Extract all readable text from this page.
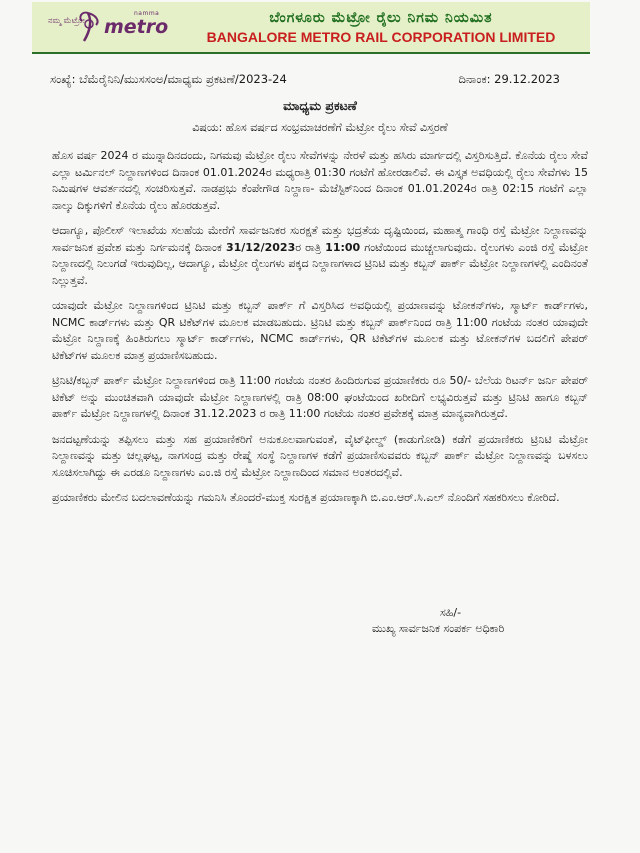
ನಮ್ಮ ಮೆಟ್ರೋ
namma
metro	ಬೆಂಗಳೂರು ಮೆಟ್ರೋ ರೈಲು ನಿಗಮ ನಿಯಮಿತ
BANGALORE METRO RAIL CORPORATION LIMITED
ಸಂಖ್ಯೆ: ಬೆಮೆರೈನಿನಿ/ಮುಸಸಂಅ/ಮಾಧ್ಯಮ ಪ್ರಕಟಣೆ/2023-24	ದಿನಾಂಕ: 29.12.2023
ಮಾಧ್ಯಮ ಪ್ರಕಟಣೆ
ವಿಷಯ: ಹೊಸ ವರ್ಷದ ಸಂಭ್ರಮಾಚರಣೆಗೆ ಮೆಟ್ರೋ ರೈಲು ಸೇವೆ ವಿಸ್ತರಣೆ

ಹೊಸ ವರ್ಷ 2024 ರ ಮುನ್ನಾದಿನದಂದು, ನಿಗಮವು ಮೆಟ್ರೋ ರೈಲು ಸೇವೆಗಳನ್ನು ನೇರಳೆ ಮತ್ತು ಹಸಿರು ಮಾರ್ಗದಲ್ಲಿ ವಿಸ್ತರಿಸುತ್ತಿದೆ. ಕೊನೆಯ ರೈಲು ಸೇವೆ ಎಲ್ಲಾ ಟರ್ಮಿನಲ್ ನಿಲ್ದಾಣಗಳಿಂದ ದಿನಾಂಕ 01.01.2024ರ ಮಧ್ಯರಾತ್ರಿ 01:30 ಗಂಟೆಗೆ ಹೋರಡಾಲಿವೆ. ಈ ವಿಸ್ತೃತ ಅವಧಿಯಲ್ಲಿ ರೈಲು ಸೇವೆಗಳು 15 ನಿಮಿಷಗಳ ಆವರ್ತನದಲ್ಲಿ ಸಂಚರಿಸುತ್ತವೆ. ನಾಡಪ್ರಭು ಕೆಂಪೇಗೌಡ ನಿಲ್ದಾಣ- ಮೆಜೆಸ್ಟಿಕ್‌ನಿಂದ ದಿನಾಂಕ 01.01.2024ರ ರಾತ್ರಿ 02:15 ಗಂಟೆಗೆ ಎಲ್ಲಾ ನಾಲ್ಕು ದಿಕ್ಕುಗಳಿಗೆ ಕೊನೆಯ ರೈಲು ಹೊರಡುತ್ತವೆ.

ಆದಾಗ್ಯೂ, ಪೊಲೀಸ್ ಇಲಾಖೆಯ ಸಲಹೆಯ ಮೇರೆಗೆ ಸಾರ್ವಜನಿಕರ ಸುರಕ್ಷತೆ ಮತ್ತು ಭದ್ರತೆಯ ದೃಷ್ಟಿಯಿಂದ, ಮಹಾತ್ಮ ಗಾಂಧಿ ರಸ್ತೆ ಮೆಟ್ರೋ ನಿಲ್ದಾಣವನ್ನು ಸಾರ್ವಜನಿಕ ಪ್ರವೇಶ ಮತ್ತು ನಿರ್ಗಮನಕ್ಕೆ ದಿನಾಂಕ 31/12/2023ರ ರಾತ್ರಿ 11:00 ಗಂಟೆಯಿಂದ ಮುಚ್ಚಲಾಗುವುದು. ರೈಲುಗಳು ಎಂಜಿ ರಸ್ತೆ ಮೆಟ್ರೋ ನಿಲ್ದಾಣದಲ್ಲಿ ನಿಲುಗಡೆ ಇರುವುದಿಲ್ಲ, ಆದಾಗ್ಯೂ, ಮೆಟ್ರೋ ರೈಲುಗಳು ಪಕ್ಕದ ನಿಲ್ದಾಣಗಳಾದ ಟ್ರಿನಿಟಿ ಮತ್ತು ಕಬ್ಬನ್ ಪಾರ್ಕ್ ಮೆಟ್ರೋ ನಿಲ್ದಾಣಗಳಲ್ಲಿ ಎಂದಿನಂತೆ ನಿಲ್ಲುತ್ತವೆ.

ಯಾವುದೇ ಮೆಟ್ರೋ ನಿಲ್ದಾಣಗಳಿಂದ ಟ್ರಿನಿಟಿ ಮತ್ತು ಕಬ್ಬನ್ ಪಾರ್ಕ್ ಗೆ ವಿಸ್ತರಿಸಿದ ಅವಧಿಯಲ್ಲಿ ಪ್ರಯಾಣವನ್ನು ಟೋಕನ್‌ಗಳು, ಸ್ಮಾರ್ಟ್ ಕಾರ್ಡ್‌ಗಳು, NCMC ಕಾರ್ಡ್‌ಗಳು ಮತ್ತು QR ಟಿಕೆಟ್‌ಗಳ ಮೂಲಕ ಮಾಡಬಹುದು. ಟ್ರಿನಿಟಿ ಮತ್ತು ಕಬ್ಬನ್ ಪಾರ್ಕ್‌ನಿಂದ ರಾತ್ರಿ 11:00 ಗಂಟೆಯ ನಂತರ ಯಾವುದೇ ಮೆಟ್ರೋ ನಿಲ್ದಾಣಕ್ಕೆ ಹಿಂತಿರುಗಲು ಸ್ಮಾರ್ಟ್ ಕಾರ್ಡ್‌ಗಳು, NCMC ಕಾರ್ಡ್‌ಗಳು, QR ಟಿಕೆಟ್‌ಗಳ ಮೂಲಕ ಮತ್ತು ಟೋಕನ್‌ಗಳ ಬದಲಿಗೆ ಪೇಪರ್ ಟಿಕೆಟ್‌ಗಳ ಮೂಲಕ ಮಾತ್ರ ಪ್ರಯಾಣಿಸಬಹುದು.

ಟ್ರಿನಿಟಿ/ಕಬ್ಬನ್ ಪಾರ್ಕ್ ಮೆಟ್ರೋ ನಿಲ್ದಾಣಗಳಿಂದ ರಾತ್ರಿ 11:00 ಗಂಟೆಯ ನಂತರ ಹಿಂದಿರುಗುವ ಪ್ರಯಾಣಿಕರು ರೂ 50/- ಬೆಲೆಯ ರಿಟರ್ನ್ ಜರ್ನಿ ಪೇಪರ್ ಟಿಕೆಟ್ ಅನ್ನು ಮುಂಚಿತವಾಗಿ ಯಾವುದೇ ಮೆಟ್ರೋ ನಿಲ್ದಾಣಗಳಲ್ಲಿ ರಾತ್ರಿ 08:00 ಘಂಟೆಯಿಂದ ಖರೀದಿಗೆ ಲಭ್ಯವಿರುತ್ತವೆ ಮತ್ತು ಟ್ರಿನಿಟಿ ಹಾಗೂ ಕಬ್ಬನ್ ಪಾರ್ಕ್ ಮೆಟ್ರೋ ನಿಲ್ದಾಣಗಳಲ್ಲಿ ದಿನಾಂಕ 31.12.2023 ರ ರಾತ್ರಿ 11:00 ಗಂಟೆಯ ನಂತರ ಪ್ರವೇಶಕ್ಕೆ ಮಾತ್ರ ಮಾನ್ಯವಾಗಿರುತ್ತದೆ.

ಜನದಟ್ಟಣೆಯನ್ನು ತಪ್ಪಿಸಲು ಮತ್ತು ಸಹ ಪ್ರಯಾಣಿಕರಿಗೆ ಅನುಕೂಲವಾಗುವಂತೆ, ವೈಟ್‌ಫೀಲ್ಡ್ (ಕಾಡುಗೋಡಿ) ಕಡೆಗೆ ಪ್ರಯಾಣಿಕರು ಟ್ರಿನಿಟಿ ಮೆಟ್ರೋ ನಿಲ್ದಾಣವನ್ನು ಮತ್ತು ಚಲ್ಲಘಟ್ಟ, ನಾಗಸಂದ್ರ ಮತ್ತು ರೇಷ್ಮೆ ಸಂಸ್ಥೆ ನಿಲ್ದಾಣಗಳ ಕಡೆಗೆ ಪ್ರಯಾಣಿಸುವವರು ಕಬ್ಬನ್ ಪಾರ್ಕ್ ಮೆಟ್ರೋ ನಿಲ್ದಾಣವನ್ನು ಬಳಸಲು ಸೂಚಿಸಲಾಗಿದ್ದು ಈ ಎರಡೂ ನಿಲ್ದಾಣಗಳು ಎಂ.ಜಿ ರಸ್ತೆ ಮೆಟ್ರೋ ನಿಲ್ದಾಣದಿಂದ ಸಮಾನ ಅಂತರದಲ್ಲಿವೆ.

ಪ್ರಯಾಣಿಕರು ಮೇಲಿನ ಬದಲಾವಣೆಯನ್ನು ಗಮನಿಸಿ ತೊಂದರೆ-ಮುಕ್ತ ಸುರಕ್ಷಿತ ಪ್ರಯಾಣಕ್ಕಾಗಿ ಬಿ.ಎಂ.ಆರ್.ಸಿ.ಎಲ್ ನೊಂದಿಗೆ ಸಹಕರಿಸಲು ಕೋರಿದೆ.

ಸಹಿ/-
ಮುಖ್ಯ ಸಾರ್ವಜನಿಕ ಸಂಪರ್ಕ ಅಧಿಕಾರಿ
